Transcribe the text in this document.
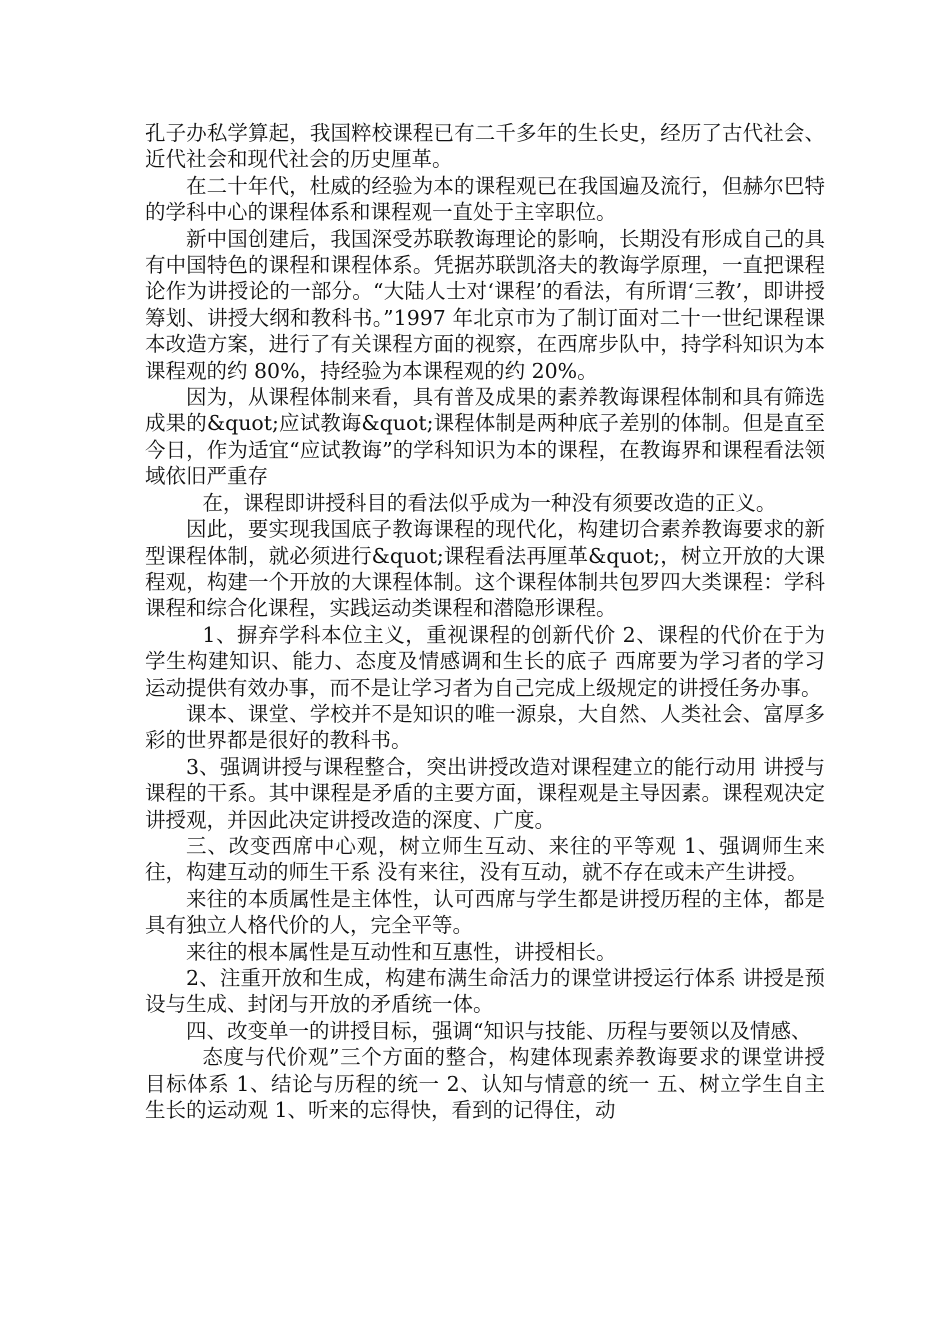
孔子办私学算起，我国粹校课程已有二千多年的生长史，经历了古代社会、近代社会和现代社会的历史厘革。

在二十年代，杜威的经验为本的课程观已在我国遍及流行，但赫尔巴特的学科中心的课程体系和课程观一直处于主宰职位。

新中国创建后，我国深受苏联教诲理论的影响，长期没有形成自己的具有中国特色的课程和课程体系。凭据苏联凯洛夫的教诲学原理，一直把课程论作为讲授论的一部分。“大陆人士对‘课程’的看法，有所谓‘三教’，即讲授筹划、讲授大纲和教科书。”1997 年北京市为了制订面对二十一世纪课程课本改造方案，进行了有关课程方面的视察，在西席步队中，持学科知识为本课程观的约 80%，持经验为本课程观的约 20%。

因为，从课程体制来看，具有普及成果的素养教诲课程体制和具有筛选成果的&quot;应试教诲&quot;课程体制是两种底子差别的体制。但是直至今日，作为适宜“应试教诲”的学科知识为本的课程，在教诲界和课程看法领域依旧严重存

在，课程即讲授科目的看法似乎成为一种没有须要改造的正义。

因此，要实现我国底子教诲课程的现代化，构建切合素养教诲要求的新型课程体制，就必须进行&quot;课程看法再厘革&quot;，树立开放的大课程观，构建一个开放的大课程体制。这个课程体制共包罗四大类课程：学科课程和综合化课程，实践运动类课程和潜隐形课程。

1、摒弃学科本位主义，重视课程的创新代价 2、课程的代价在于为学生构建知识、能力、态度及情感调和生长的底子 西席要为学习者的学习运动提供有效办事，而不是让学习者为自己完成上级规定的讲授任务办事。

课本、课堂、学校并不是知识的唯一源泉，大自然、人类社会、富厚多彩的世界都是很好的教科书。

3、强调讲授与课程整合，突出讲授改造对课程建立的能行动用 讲授与课程的干系。其中课程是矛盾的主要方面，课程观是主导因素。课程观决定讲授观，并因此决定讲授改造的深度、广度。

三、改变西席中心观，树立师生互动、来往的平等观 1、强调师生来往，构建互动的师生干系 没有来往，没有互动，就不存在或未产生讲授。

来往的本质属性是主体性，认可西席与学生都是讲授历程的主体，都是具有独立人格代价的人，完全平等。

来往的根本属性是互动性和互惠性，讲授相长。

2、注重开放和生成，构建布满生命活力的课堂讲授运行体系 讲授是预设与生成、封闭与开放的矛盾统一体。

四、改变单一的讲授目标，强调“知识与技能、历程与要领以及情感、

态度与代价观”三个方面的整合，构建体现素养教诲要求的课堂讲授目标体系 1、结论与历程的统一 2、认知与情意的统一 五、树立学生自主生长的运动观 1、听来的忘得快，看到的记得住，动
